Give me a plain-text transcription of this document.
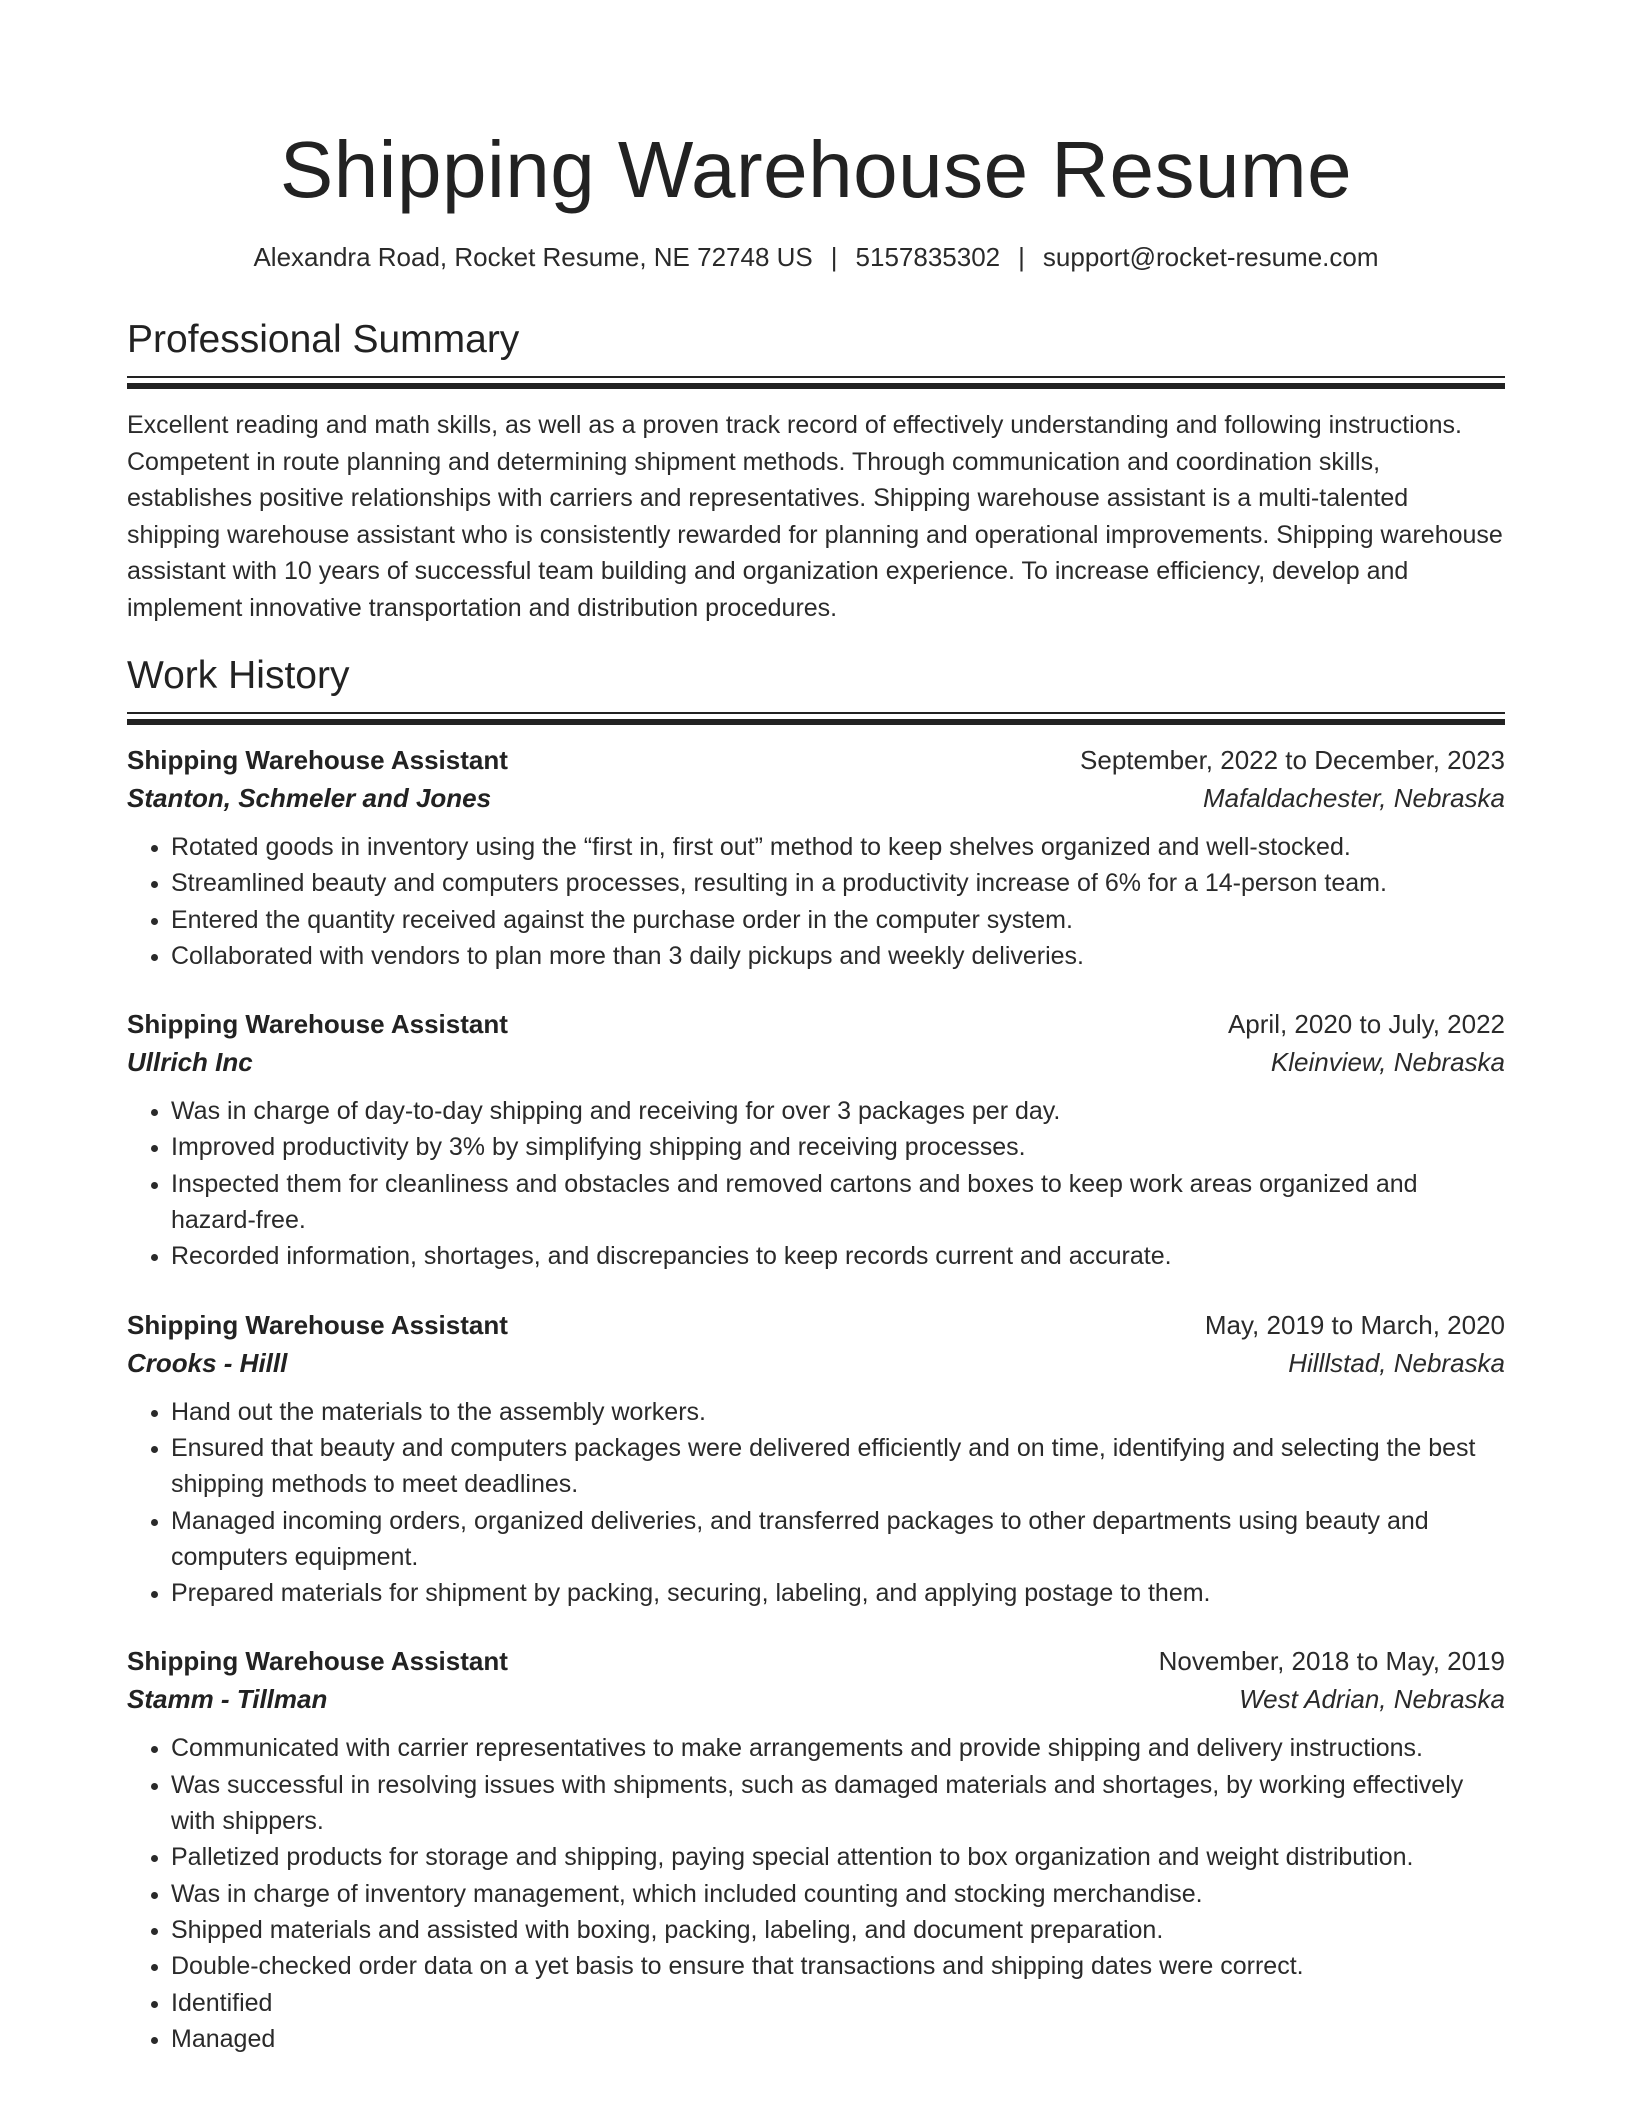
Shipping Warehouse Resume
Alexandra Road, Rocket Resume, NE 72748 US | 5157835302 | support@rocket-resume.com
Professional Summary
Excellent reading and math skills, as well as a proven track record of effectively understanding and following instructions. Competent in route planning and determining shipment methods. Through communication and coordination skills, establishes positive relationships with carriers and representatives. Shipping warehouse assistant is a multi-talented shipping warehouse assistant who is consistently rewarded for planning and operational improvements. Shipping warehouse assistant with 10 years of successful team building and organization experience. To increase efficiency, develop and implement innovative transportation and distribution procedures.
Work History
Shipping Warehouse Assistant	September, 2022 to December, 2023
Stanton, Schmeler and Jones	Mafaldachester, Nebraska
• Rotated goods in inventory using the “first in, first out” method to keep shelves organized and well-stocked.
• Streamlined beauty and computers processes, resulting in a productivity increase of 6% for a 14-person team.
• Entered the quantity received against the purchase order in the computer system.
• Collaborated with vendors to plan more than 3 daily pickups and weekly deliveries.
Shipping Warehouse Assistant	April, 2020 to July, 2022
Ullrich Inc	Kleinview, Nebraska
• Was in charge of day-to-day shipping and receiving for over 3 packages per day.
• Improved productivity by 3% by simplifying shipping and receiving processes.
• Inspected them for cleanliness and obstacles and removed cartons and boxes to keep work areas organized and hazard-free.
• Recorded information, shortages, and discrepancies to keep records current and accurate.
Shipping Warehouse Assistant	May, 2019 to March, 2020
Crooks - Hilll	Hilllstad, Nebraska
• Hand out the materials to the assembly workers.
• Ensured that beauty and computers packages were delivered efficiently and on time, identifying and selecting the best shipping methods to meet deadlines.
• Managed incoming orders, organized deliveries, and transferred packages to other departments using beauty and computers equipment.
• Prepared materials for shipment by packing, securing, labeling, and applying postage to them.
Shipping Warehouse Assistant	November, 2018 to May, 2019
Stamm - Tillman	West Adrian, Nebraska
• Communicated with carrier representatives to make arrangements and provide shipping and delivery instructions.
• Was successful in resolving issues with shipments, such as damaged materials and shortages, by working effectively with shippers.
• Palletized products for storage and shipping, paying special attention to box organization and weight distribution.
• Was in charge of inventory management, which included counting and stocking merchandise.
• Shipped materials and assisted with boxing, packing, labeling, and document preparation.
• Double-checked order data on a yet basis to ensure that transactions and shipping dates were correct.
• Identified
• Managed
